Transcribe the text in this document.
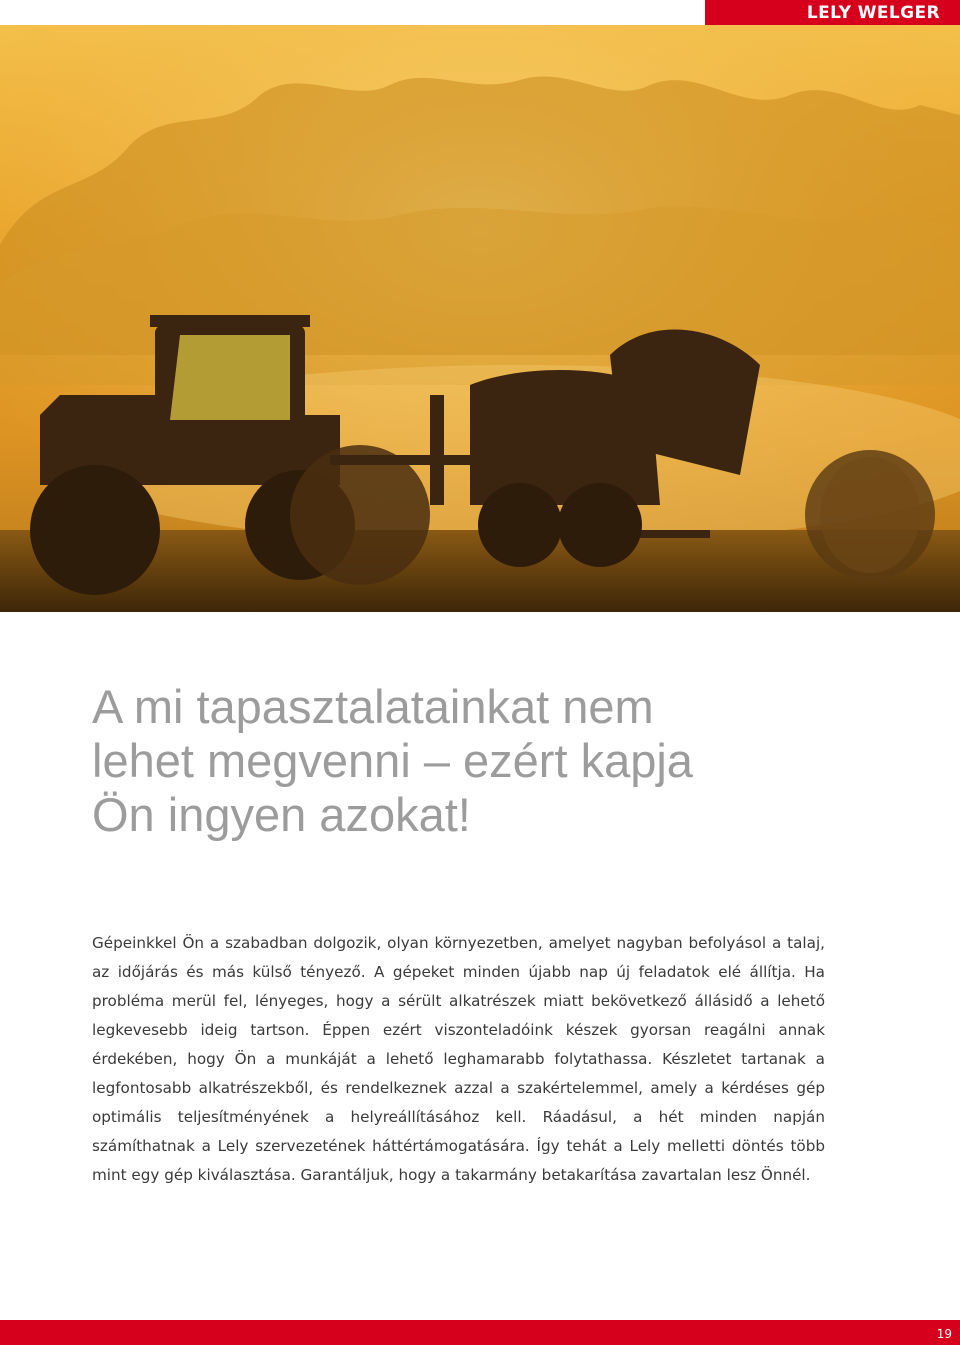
LELY WELGER
A mi tapasztalatainkat nem
lehet megvenni – ezért kapja
Ön ingyen azokat!

Gépeinkkel Ön a szabadban dolgozik, olyan környezetben, amelyet nagyban befolyásol a talaj, az időjárás és más külső tényező. A gépeket minden újabb nap új feladatok elé állítja. Ha probléma merül fel, lényeges, hogy a sérült alkatrészek miatt bekövetkező állásidő a lehető legkevesebb ideig tartson. Éppen ezért viszonteladóink készek gyorsan reagálni annak érdekében, hogy Ön a munkáját a lehető leghamarabb folytathassa. Készletet tartanak a legfontosabb alkatrészekből, és rendelkeznek azzal a szakértelemmel, amely a kérdéses gép optimális teljesítményének a helyreállításához kell. Ráadásul, a hét minden napján számíthatnak a Lely szervezetének háttértámogatására. Így tehát a Lely melletti döntés több mint egy gép kiválasztása. Garantáljuk, hogy a takarmány betakarítása zavartalan lesz Önnél.

19
